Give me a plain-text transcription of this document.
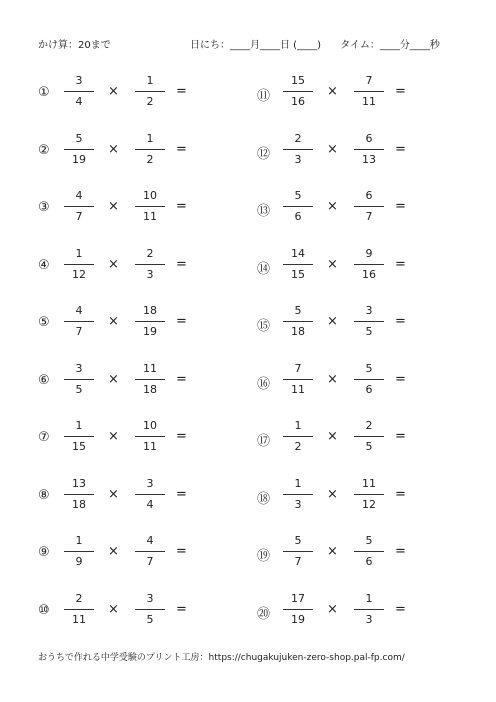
かけ算：20まで	日にち：____月____日 (____) タイム：____分____秒
①
3
4
×
1
2
=
②
5
19
×
1
2
=
③
4
7
×
10
11
=
④
1
12
×
2
3
=
⑤
4
7
×
18
19
=
⑥
3
5
×
11
18
=
⑦
1
15
×
10
11
=
⑧
13
18
×
3
4
=
⑨
1
9
×
4
7
=
⑩
2
11
×
3
5
=
⑪
15
16
×
7
11
=
⑫
2
3
×
6
13
=
⑬
5
6
×
6
7
=
⑭
14
15
×
9
16
=
⑮
5
18
×
3
5
=
⑯
7
11
×
5
6
=
⑰
1
2
×
2
5
=
⑱
1
3
×
11
12
=
⑲
5
7
×
5
6
=
⑳
17
19
×
1
3
=
おうちで作れる中学受験のプリント工房：https://chugakujuken-zero-shop.pal-fp.com/
